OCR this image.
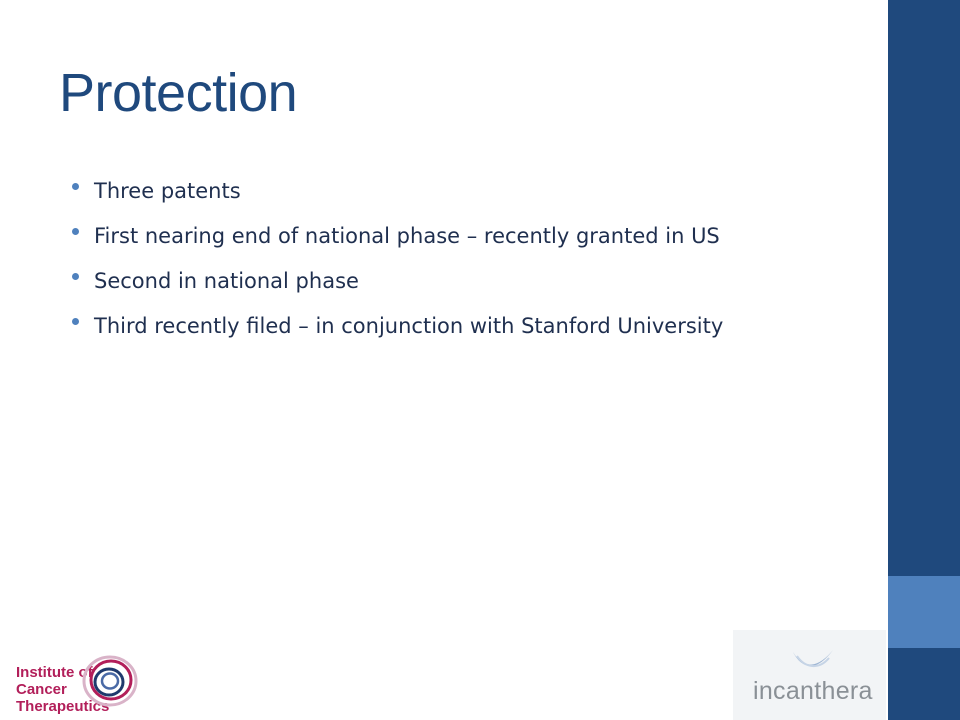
Protection
Three patents
First nearing end of national phase – recently granted in US
Second in national phase
Third recently filed – in conjunction with Stanford University
Institute of
Cancer Therapeutics
incanthera
